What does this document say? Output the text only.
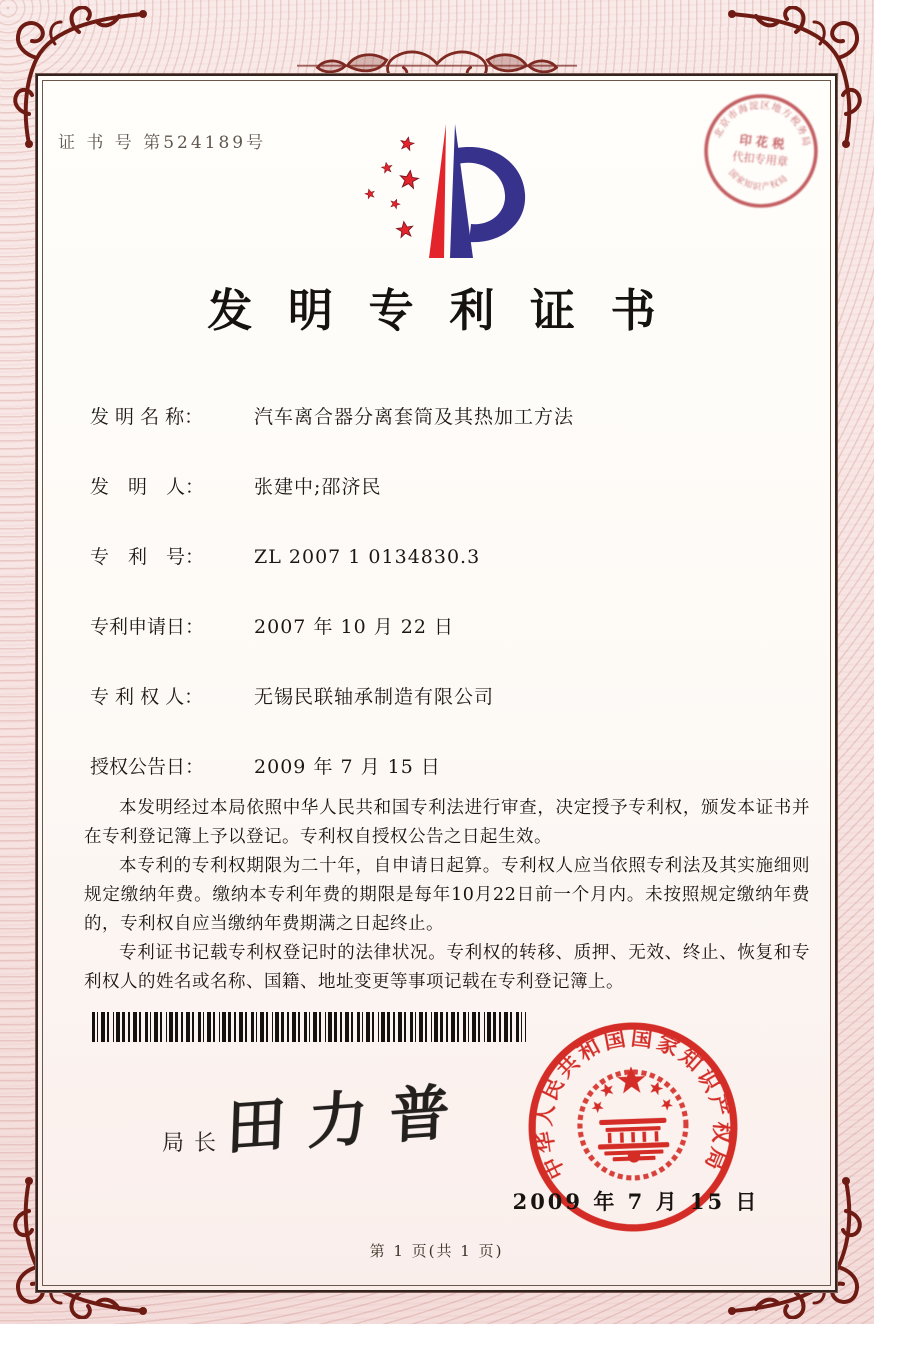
证 书 号 第524189号
北京市海淀区地方税务局
国家知识产权局
印 花 税
代扣专用章
发 明 专 利 证 书
发 明 名 称：	汽车离合器分离套筒及其热加工方法
发　明　人：	张建中;邵济民
专　利　号：	ZL 2007 1 0134830.3
专利申请日：	2007 年 10 月 22 日
专 利 权 人：	无锡民联轴承制造有限公司
授权公告日：	2009 年 7 月 15 日

本发明经过本局依照中华人民共和国专利法进行审查，决定授予专利权，颁发本证书并在专利登记簿上予以登记。专利权自授权公告之日起生效。

本专利的专利权期限为二十年，自申请日起算。专利权人应当依照专利法及其实施细则规定缴纳年费。缴纳本专利年费的期限是每年10月22日前一个月内。未按照规定缴纳年费的，专利权自应当缴纳年费期满之日起终止。

专利证书记载专利权登记时的法律状况。专利权的转移、质押、无效、终止、恢复和专利权人的姓名或名称、国籍、地址变更等事项记载在专利登记簿上。

局长
田力普
中华人民共和国国家知识产权局
2009 年 7 月 15 日
第 1 页(共 1 页)
